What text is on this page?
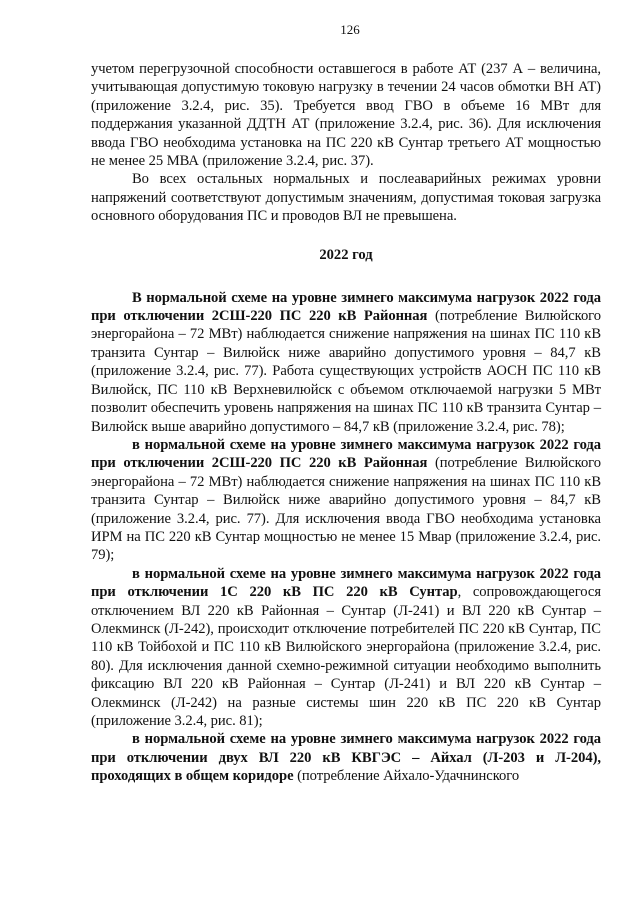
126

учетом перегрузочной способности оставшегося в работе АТ (237 А – величина, учитывающая допустимую токовую нагрузку в течении 24 часов обмотки ВН АТ) (приложение 3.2.4, рис. 35). Требуется ввод ГВО в объеме 16 МВт для поддержания указанной ДДТН АТ (приложение 3.2.4, рис. 36). Для исключения ввода ГВО необходима установка на ПС 220 кВ Сунтар третьего АТ мощностью не менее 25 МВА (приложение 3.2.4, рис. 37).

Во всех остальных нормальных и послеаварийных режимах уровни напряжений соответствуют допустимым значениям, допустимая токовая загрузка основного оборудования ПС и проводов ВЛ не превышена.

2022 год

В нормальной схеме на уровне зимнего максимума нагрузок 2022 года при отключении 2СШ-220 ПС 220 кВ Районная (потребление Вилюйского энергорайона – 72 МВт) наблюдается снижение напряжения на шинах ПС 110 кВ транзита Сунтар – Вилюйск ниже аварийно допустимого уровня – 84,7 кВ (приложение 3.2.4, рис. 77). Работа существующих устройств АОСН ПС 110 кВ Вилюйск, ПС 110 кВ Верхневилюйск с объемом отключаемой нагрузки 5 МВт позволит обеспечить уровень напряжения на шинах ПС 110 кВ транзита Сунтар – Вилюйск выше аварийно допустимого – 84,7 кВ (приложение 3.2.4, рис. 78);

в нормальной схеме на уровне зимнего максимума нагрузок 2022 года при отключении 2СШ-220 ПС 220 кВ Районная (потребление Вилюйского энергорайона – 72 МВт) наблюдается снижение напряжения на шинах ПС 110 кВ транзита Сунтар – Вилюйск ниже аварийно допустимого уровня – 84,7 кВ (приложение 3.2.4, рис. 77). Для исключения ввода ГВО необходима установка ИРМ на ПС 220 кВ Сунтар мощностью не менее 15 Мвар (приложение 3.2.4, рис. 79);

в нормальной схеме на уровне зимнего максимума нагрузок 2022 года при отключении 1С 220 кВ ПС 220 кВ Сунтар, сопровождающегося отключением ВЛ 220 кВ Районная – Сунтар (Л-241) и ВЛ 220 кВ Сунтар – Олекминск (Л-242), происходит отключение потребителей ПС 220 кВ Сунтар, ПС 110 кВ Тойбохой и ПС 110 кВ Вилюйского энергорайона (приложение 3.2.4, рис. 80). Для исключения данной схемно-режимной ситуации необходимо выполнить фиксацию ВЛ 220 кВ Районная – Сунтар (Л-241) и ВЛ 220 кВ Сунтар – Олекминск (Л-242) на разные системы шин 220 кВ ПС 220 кВ Сунтар (приложение 3.2.4, рис. 81);

в нормальной схеме на уровне зимнего максимума нагрузок 2022 года при отключении двух ВЛ 220 кВ КВГЭС – Айхал (Л-203 и Л-204), проходящих в общем коридоре (потребление Айхало-Удачнинского
